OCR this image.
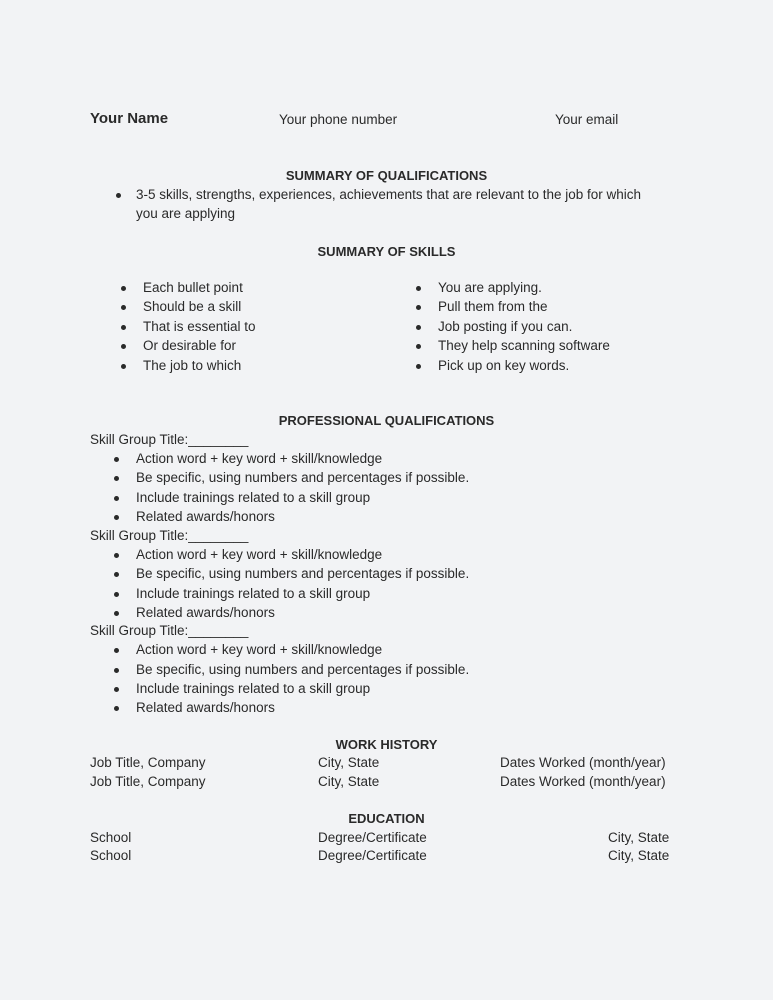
Your Name	Your phone number	Your email
SUMMARY OF QUALIFICATIONS
3-5 skills, strengths, experiences, achievements that are relevant to the job for which
you are applying
SUMMARY OF SKILLS
Each bullet point
Should be a skill
That is essential to
Or desirable for
The job to which
You are applying.
Pull them from the
Job posting if you can.
They help scanning software
Pick up on key words.
PROFESSIONAL QUALIFICATIONS
Skill Group Title:________
Action word + key word + skill/knowledge
Be specific, using numbers and percentages if possible.
Include trainings related to a skill group
Related awards/honors
Skill Group Title:________
Action word + key word + skill/knowledge
Be specific, using numbers and percentages if possible.
Include trainings related to a skill group
Related awards/honors
Skill Group Title:________
Action word + key word + skill/knowledge
Be specific, using numbers and percentages if possible.
Include trainings related to a skill group
Related awards/honors
WORK HISTORY
Job Title, Company	City, State	Dates Worked (month/year)
Job Title, Company	City, State	Dates Worked (month/year)
EDUCATION
School	Degree/Certificate	City, State
School	Degree/Certificate	City, State
